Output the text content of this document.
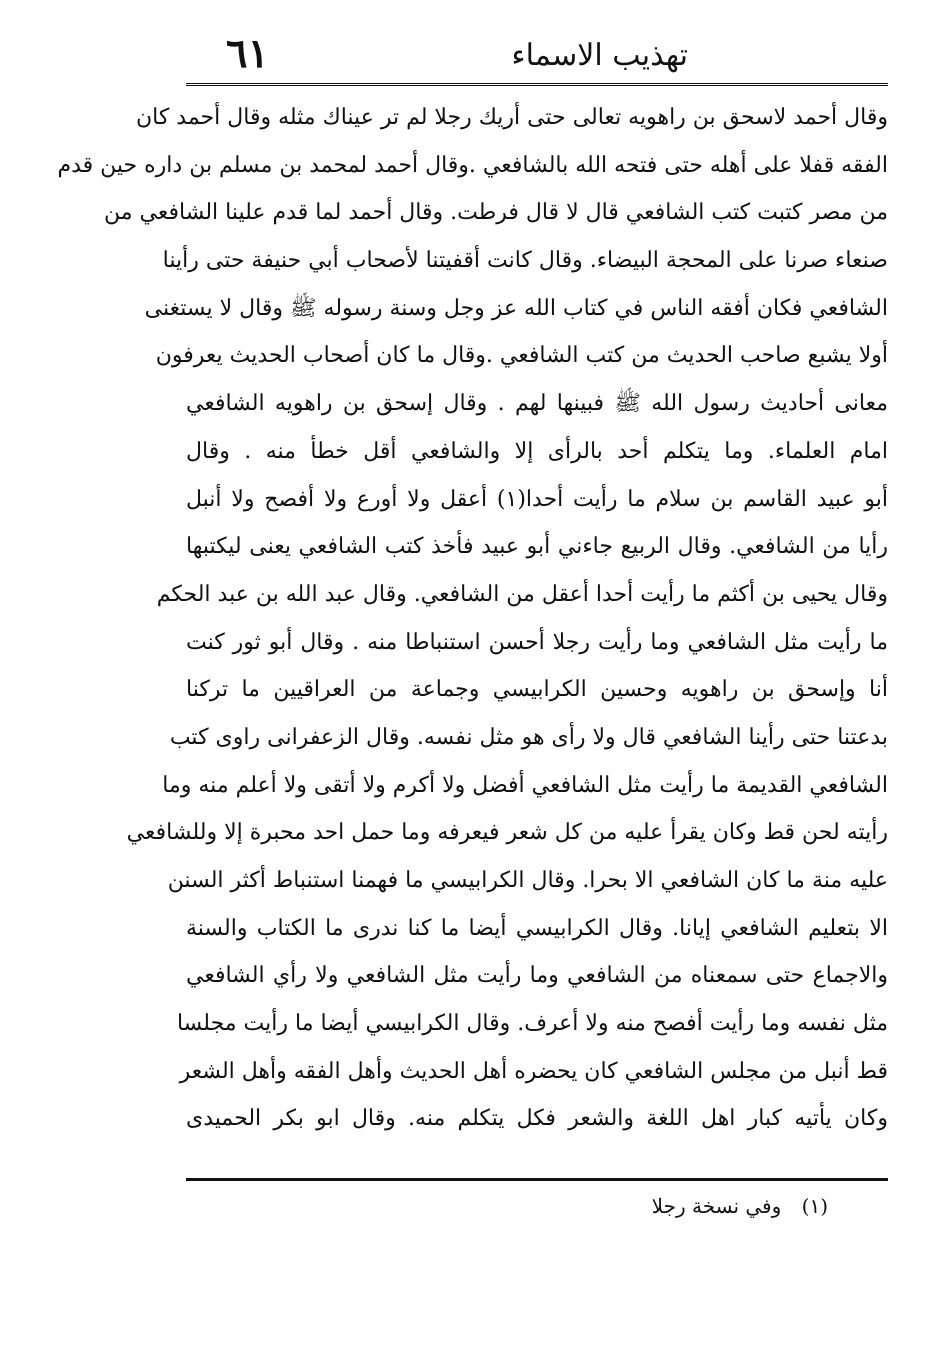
٦١	تهذيب الاسماء
وقال أحمد لاسحق بن راهويه تعالى حتى أريك رجلا لم تر عيناك مثله وقال أحمد كان
الفقه قفلا على أهله حتى فتحه الله بالشافعي .وقال أحمد لمحمد بن مسلم بن داره حين قدم
من مصر كتبت كتب الشافعي قال لا قال فرطت. وقال أحمد لما قدم علينا الشافعي من
صنعاء صرنا على المحجة البيضاء. وقال كانت أقفيتنا لأصحاب أبي حنيفة حتى رأينا
الشافعي فكان أفقه الناس في كتاب الله عز وجل وسنة رسوله ﷺ وقال لا يستغنى
أولا يشبع صاحب الحديث من كتب الشافعي .وقال ما كان أصحاب الحديث يعرفون
معانى أحاديث رسول الله ﷺ فبينها لهم . وقال إسحق بن راهويه الشافعي
امام العلماء. وما يتكلم أحد بالرأى إلا والشافعي أقل خطأ منه . وقال
أبو عبيد القاسم بن سلام ما رأيت أحدا(١) أعقل ولا أورع ولا أفصح ولا أنبل
رأيا من الشافعي. وقال الربيع جاءني أبو عبيد فأخذ كتب الشافعي يعنى ليكتبها
وقال يحيى بن أكثم ما رأيت أحدا أعقل من الشافعي. وقال عبد الله بن عبد الحكم
ما رأيت مثل الشافعي وما رأيت رجلا أحسن استنباطا منه . وقال أبو ثور كنت
أنا وإسحق بن راهويه وحسين الكرابيسي وجماعة من العراقيين ما تركنا
بدعتنا حتى رأينا الشافعي قال ولا رأى هو مثل نفسه. وقال الزعفرانى راوى كتب
الشافعي القديمة ما رأيت مثل الشافعي أفضل ولا أكرم ولا أتقى ولا أعلم منه وما
رأيته لحن قط وكان يقرأ عليه من كل شعر فيعرفه وما حمل احد محبرة إلا وللشافعي
عليه منة ما كان الشافعي الا بحرا. وقال الكرابيسي ما فهمنا استنباط أكثر السنن
الا بتعليم الشافعي إيانا. وقال الكرابيسي أيضا ما كنا ندرى ما الكتاب والسنة
والاجماع حتى سمعناه من الشافعي وما رأيت مثل الشافعي ولا رأي الشافعي
مثل نفسه وما رأيت أفصح منه ولا أعرف. وقال الكرابيسي أيضا ما رأيت مجلسا
قط أنبل من مجلس الشافعي كان يحضره أهل الحديث وأهل الفقه وأهل الشعر
وكان يأتيه كبار اهل اللغة والشعر فكل يتكلم منه. وقال ابو بكر الحميدى
(١) وفي نسخة رجلا
